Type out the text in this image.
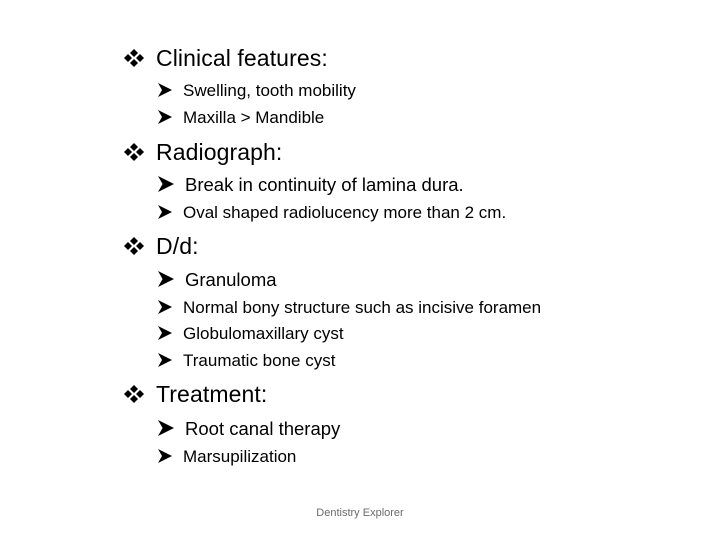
Clinical features:
Swelling, tooth mobility
Maxilla > Mandible
Radiograph:
Break in continuity of lamina dura.
Oval shaped radiolucency more than 2 cm.
D/d:
Granuloma
Normal bony structure such as incisive foramen
Globulomaxillary cyst
Traumatic bone cyst
Treatment:
Root canal therapy
Marsupilization
Dentistry Explorer
